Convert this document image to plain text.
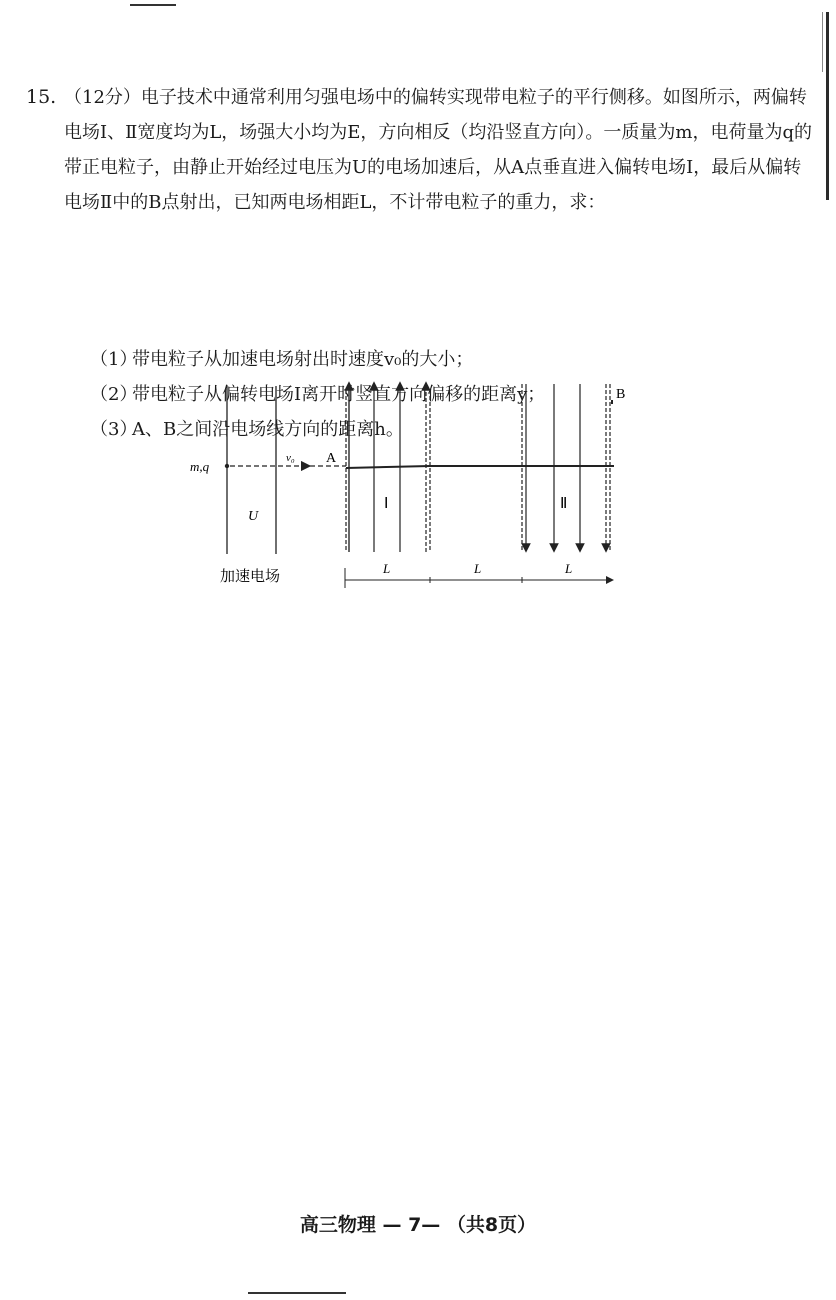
15. （12分）电子技术中通常利用匀强电场中的偏转实现带电粒子的平行侧移。如图所示，两偏转电场Ⅰ、Ⅱ宽度均为L，场强大小均为E，方向相反（均沿竖直方向）。一质量为m，电荷量为q的带正电粒子，由静止开始经过电压为U的电场加速后，从A点垂直进入偏转电场Ⅰ，最后从偏转电场Ⅱ中的B点射出，已知两电场相距L，不计带电粒子的重力，求：

（1）带电粒子从加速电场射出时速度v₀的大小；
（2）带电粒子从偏转电场Ⅰ离开时竖直方向偏移的距离y；
（3）A、B之间沿电场线方向的距离h。
m,q
v₀ A
B
U
Ⅰ	Ⅱ
加速电场	L	L	L
高三物理 — 7— （共8页）
